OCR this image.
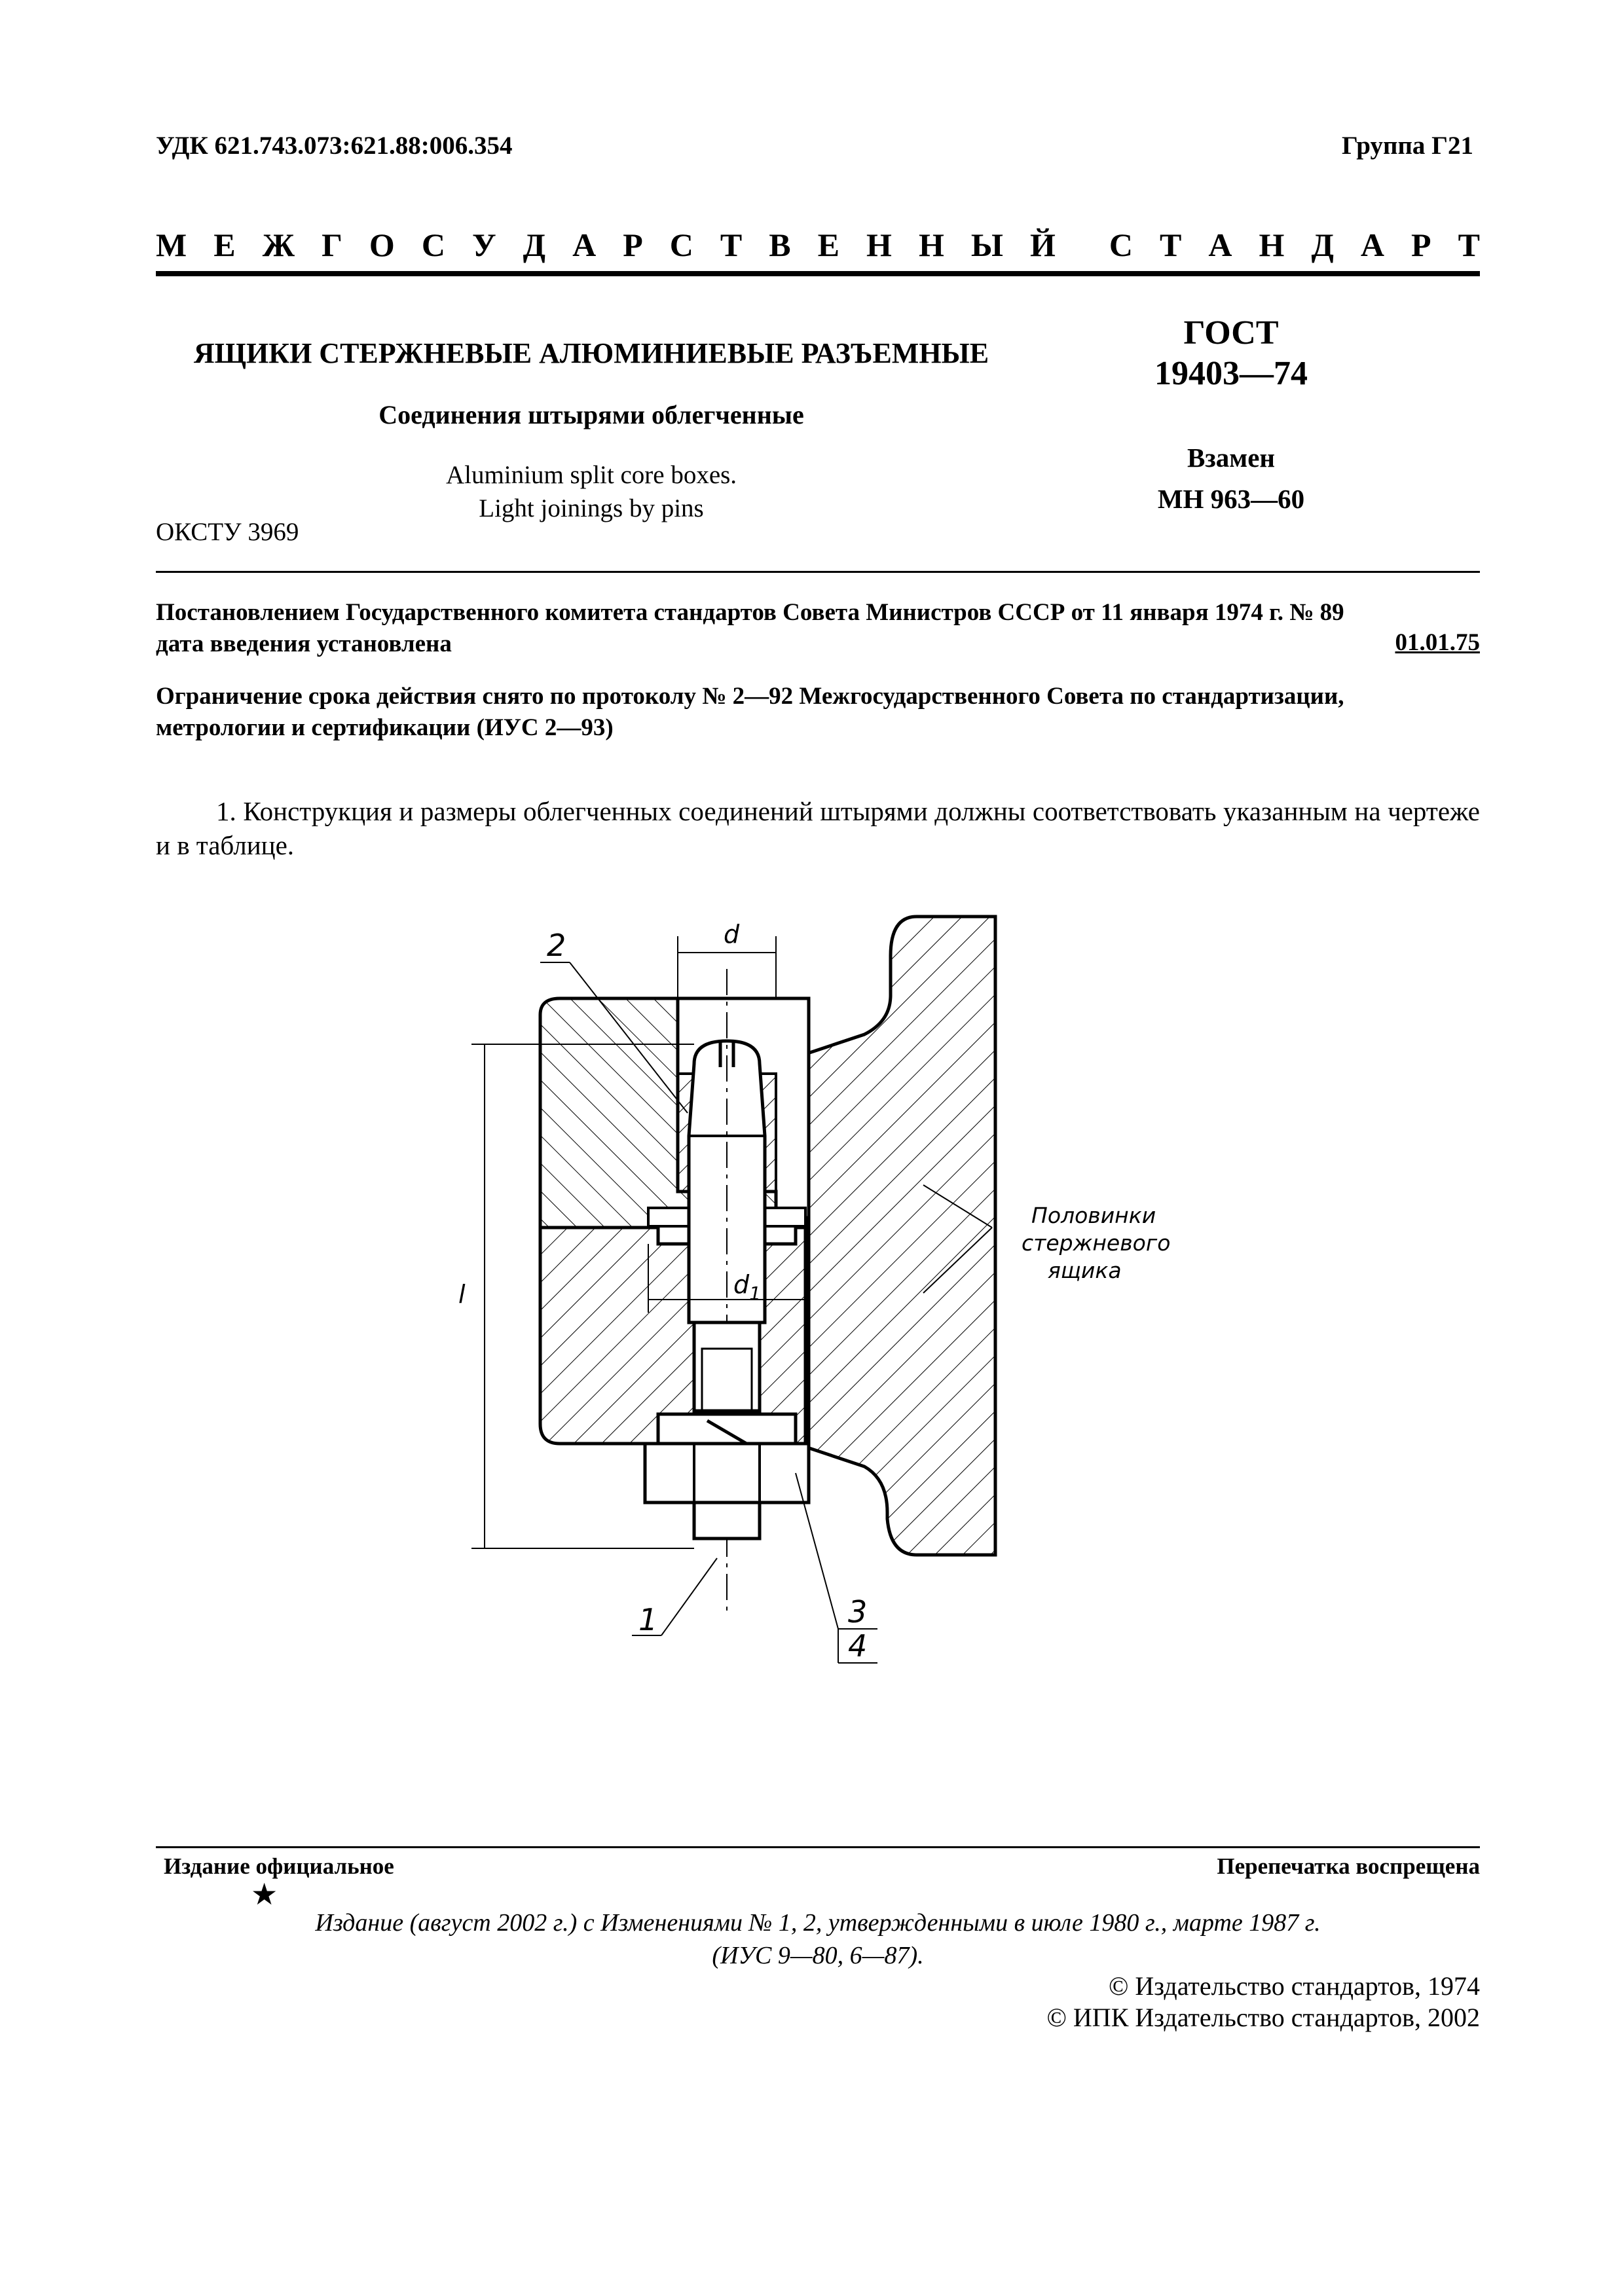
УДК 621.743.073:621.88:006.354	Группа Г21
М Е Ж Г О С У Д А Р С Т В Е Н Н Ы Й С Т А Н Д А Р Т
ЯЩИКИ СТЕРЖНЕВЫЕ АЛЮМИНИЕВЫЕ РАЗЪЕМНЫЕ
ГОСТ
19403—74
Соединения штырями облегченные
Aluminium split core boxes.
Light joinings by pins
Взамен
МН 963—60
ОКСТУ 3969
Постановлением Государственного комитета стандартов Совета Министров СССР от 11 января 1974 г. № 89
дата введения установлена	01.01.75
Ограничение срока действия снято по протоколу № 2—92 Межгосударственного Совета по стандартизации,
метрологии и сертификации (ИУС 2—93)
1. Конструкция и размеры облегченных соединений штырями должны соответствовать указанным на чертеже и в таблице.
d
$d_1$
l
2
1	3
4
Половинки
стержневого
ящика
Издание официальное
★
Перепечатка воспрещена
Издание (август 2002 г.) с Изменениями № 1, 2, утвержденными в июле 1980 г., марте 1987 г.
(ИУС 9—80, 6—87).
© Издательство стандартов, 1974
© ИПК Издательство стандартов, 2002
